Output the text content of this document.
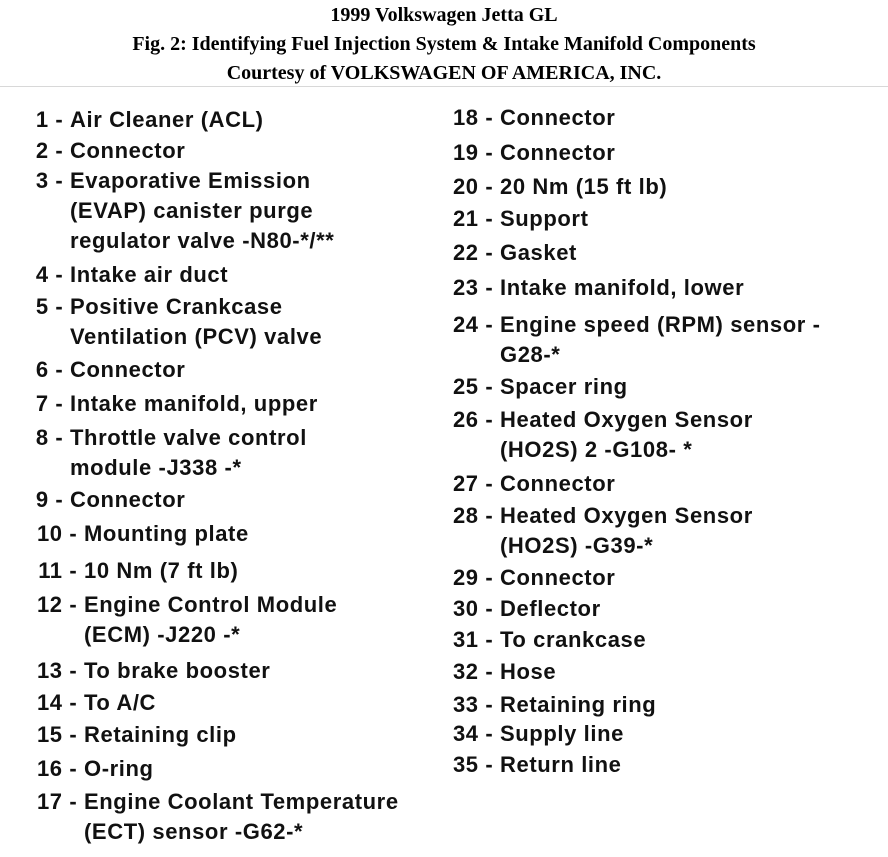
1999 Volkswagen Jetta GL
Fig. 2: Identifying Fuel Injection System & Intake Manifold Components
Courtesy of VOLKSWAGEN OF AMERICA, INC.
1 - Air Cleaner (ACL)
2 - Connector
3 - Evaporative Emission
(EVAP) canister purge
regulator valve -N80-*/**
4 - Intake air duct
5 - Positive Crankcase
Ventilation (PCV) valve
6 - Connector
7 - Intake manifold, upper
8 - Throttle valve control
module -J338 -*
9 - Connector
10 - Mounting plate
11 - 10 Nm (7 ft lb)
12 - Engine Control Module
(ECM) -J220 -*
13 - To brake booster
14 - To A/C
15 - Retaining clip
16 - O-ring
17 - Engine Coolant Temperature
(ECT) sensor -G62-*
18 - Connector
19 - Connector
20 - 20 Nm (15 ft lb)
21 - Support
22 - Gasket
23 - Intake manifold, lower
24 - Engine speed (RPM) sensor -
G28-*
25 - Spacer ring
26 - Heated Oxygen Sensor
(HO2S) 2 -G108- *
27 - Connector
28 - Heated Oxygen Sensor
(HO2S) -G39-*
29 - Connector
30 - Deflector
31 - To crankcase
32 - Hose
33 - Retaining ring
34 - Supply line
35 - Return line
